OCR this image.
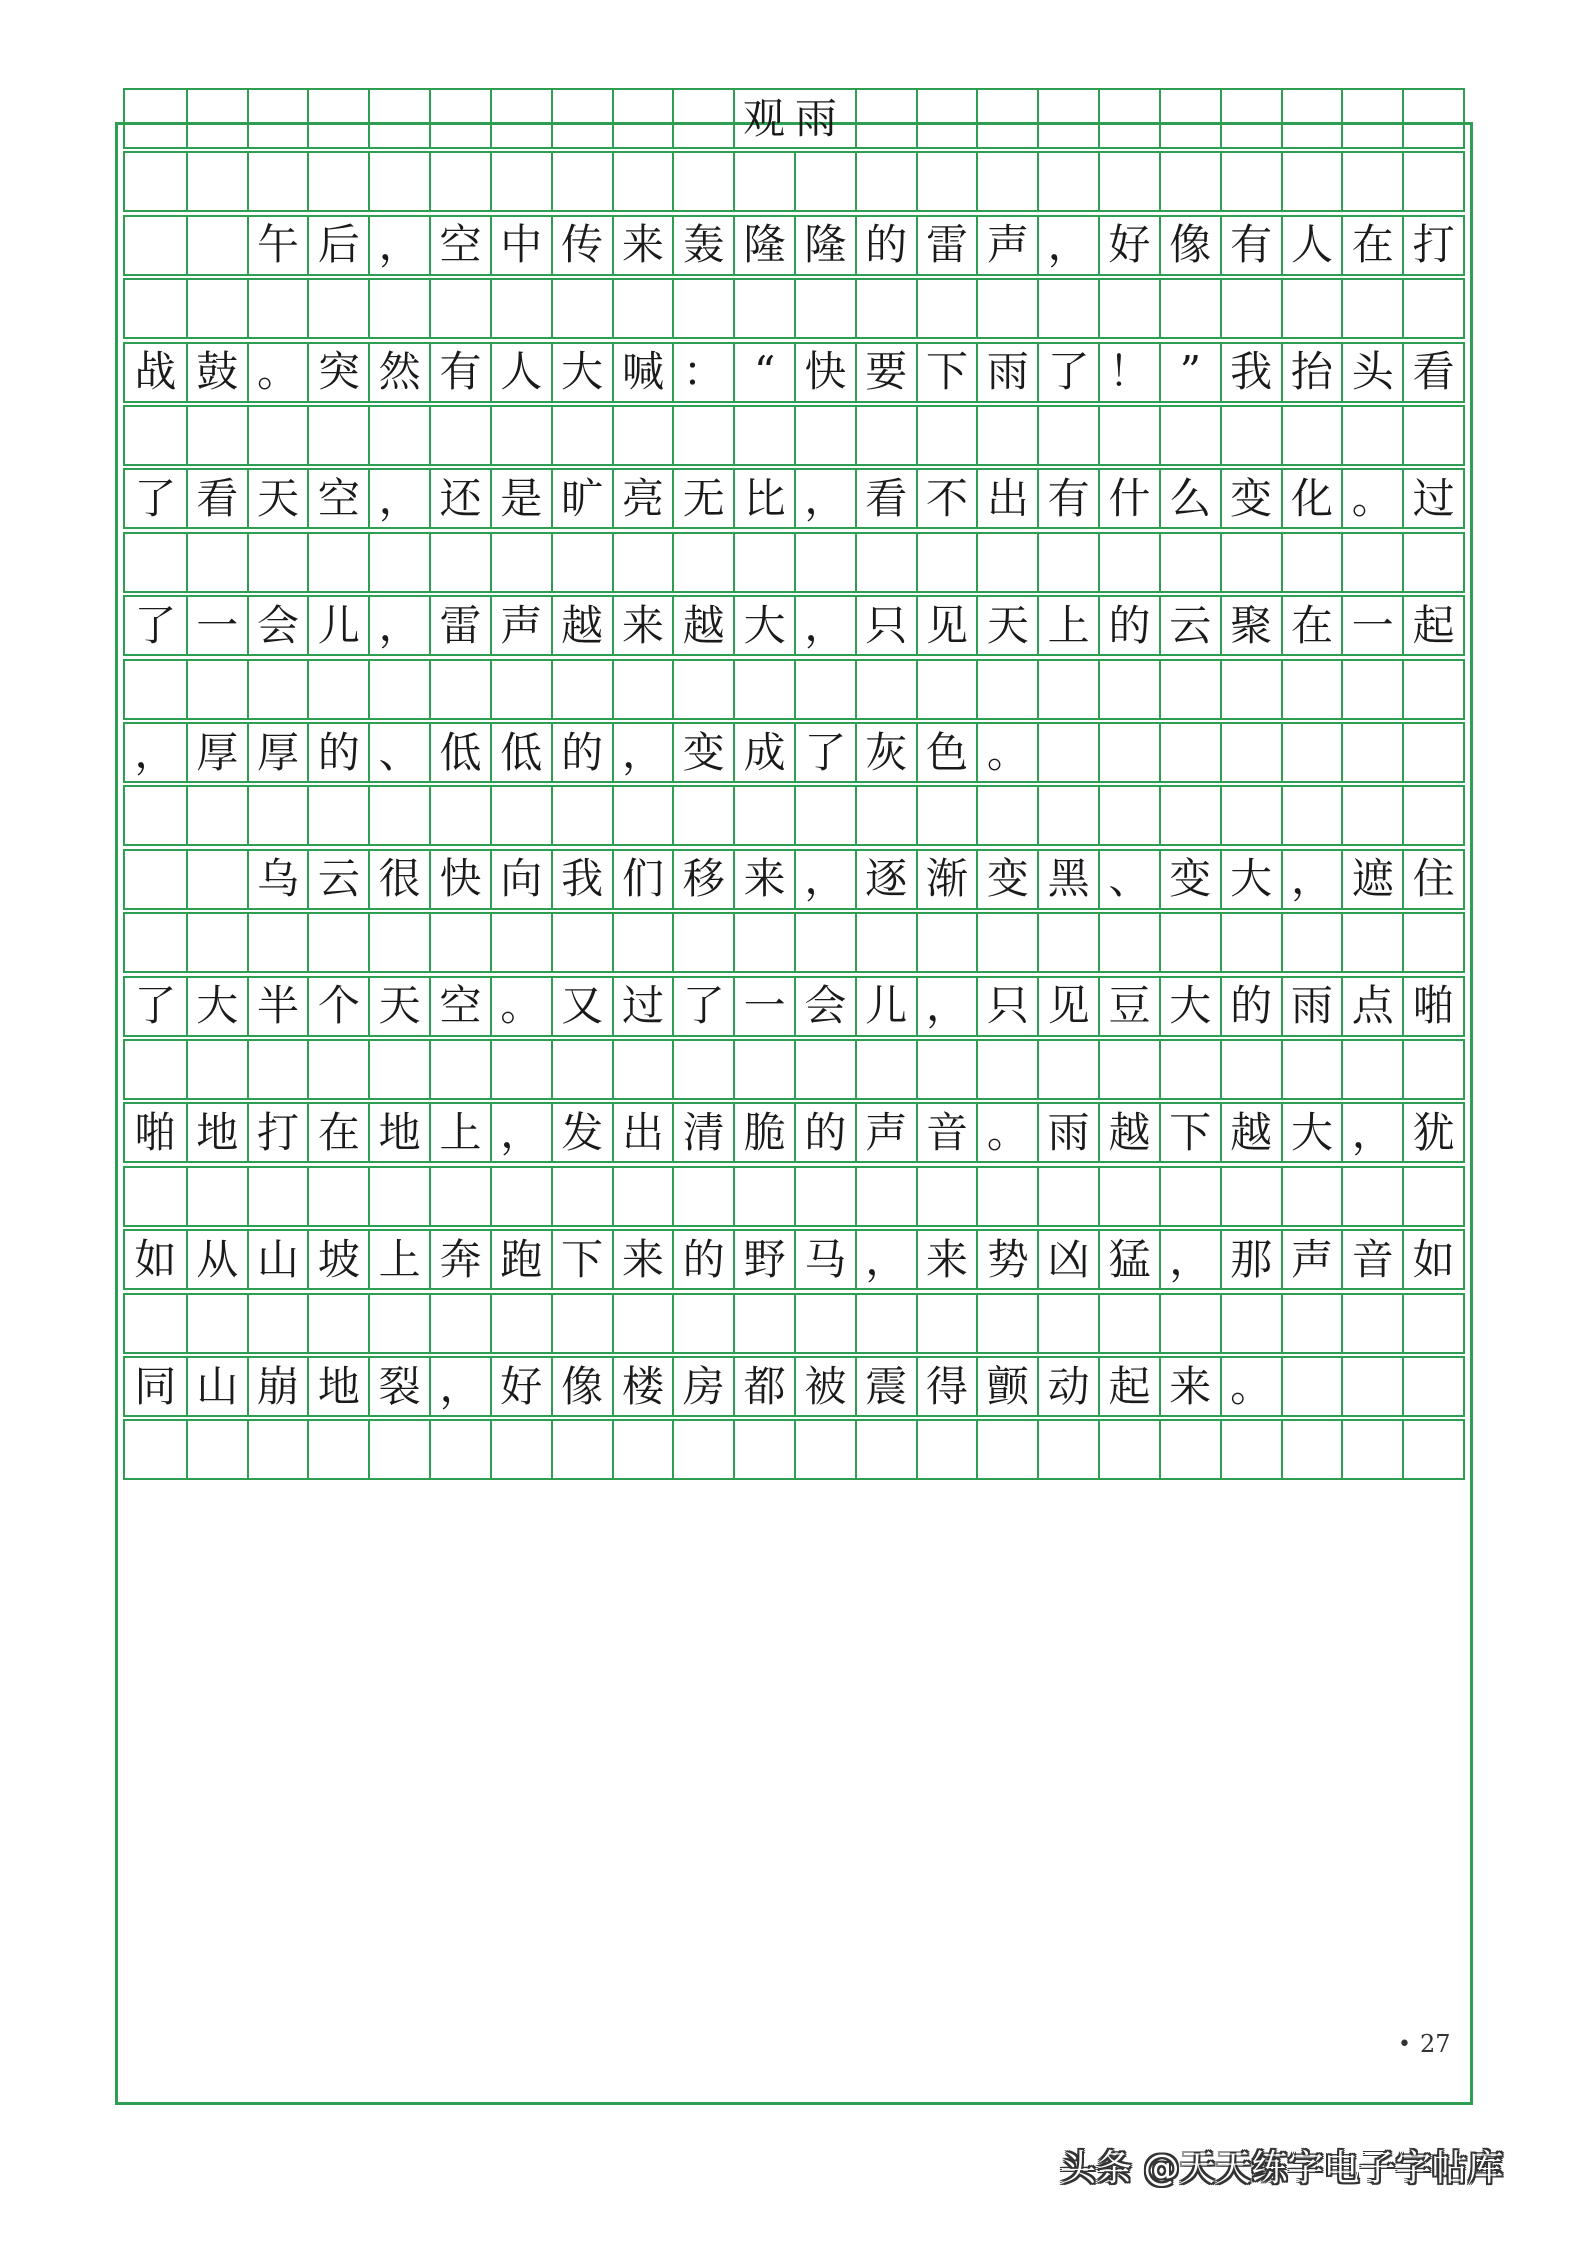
观雨
午 后 ， 空 中 传 来 轰 隆 隆 的 雷 声 ， 好 像 有 人 在 打
战 鼓 。 突 然 有 人 大 喊 ： “ 快 要 下 雨 了 ！ ” 我 抬 头 看
了 看 天 空 ， 还 是 旷 亮 无 比 ， 看 不 出 有 什 么 变 化 。 过
了 一 会 儿 ， 雷 声 越 来 越 大 ， 只 见 天 上 的 云 聚 在 一 起
， 厚 厚 的 、 低 低 的 ， 变 成 了 灰 色 。
乌 云 很 快 向 我 们 移 来 ， 逐 渐 变 黑 、 变 大 ， 遮 住
了 大 半 个 天 空 。 又 过 了 一 会 儿 ， 只 见 豆 大 的 雨 点 啪
啪 地 打 在 地 上 ， 发 出 清 脆 的 声 音 。 雨 越 下 越 大 ， 犹
如 从 山 坡 上 奔 跑 下 来 的 野 马 ， 来 势 凶 猛 ， 那 声 音 如
同 山 崩 地 裂 ， 好 像 楼 房 都 被 震 得 颤 动 起 来 。
• 27
头条 @天天练字电子字帖库
